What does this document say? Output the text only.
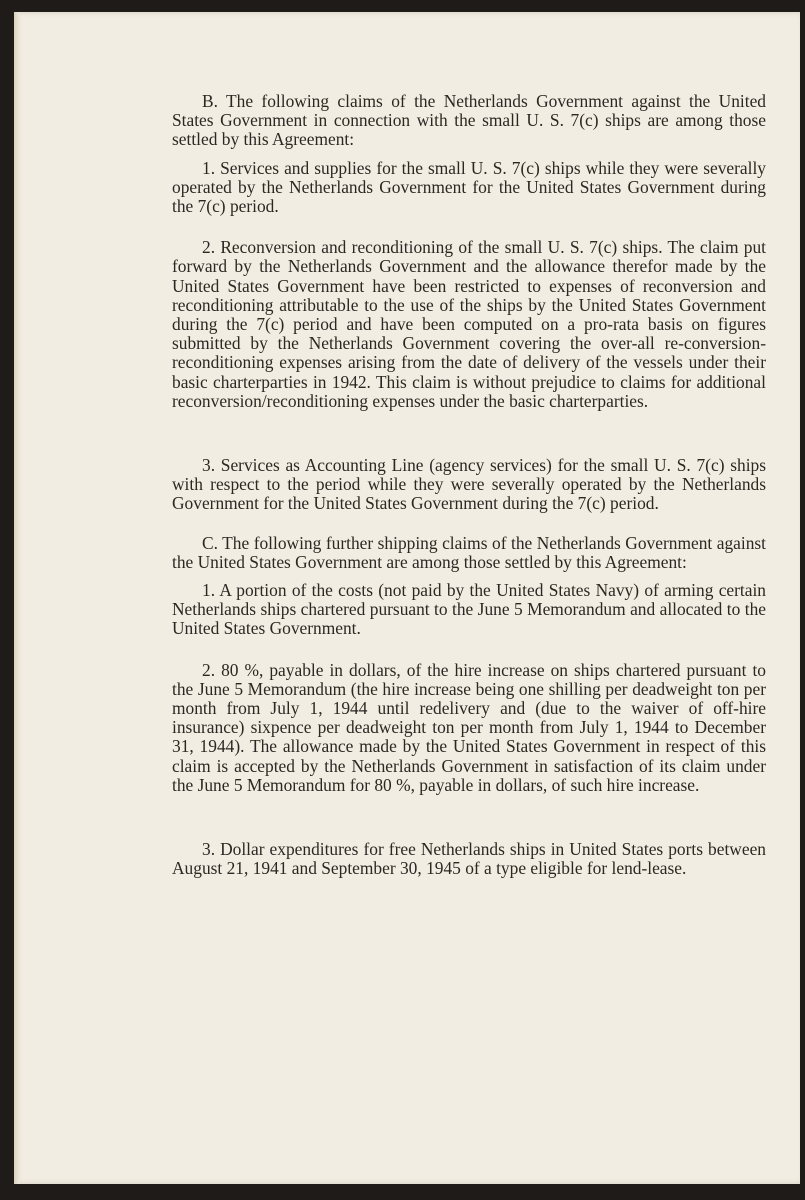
B. The following claims of the Netherlands Government against the United States Government in connection with the small U. S. 7(c) ships are among those settled by this Agreement:

1. Services and supplies for the small U. S. 7(c) ships while they were severally operated by the Netherlands Government for the United States Government during the 7(c) period.

2. Reconversion and reconditioning of the small U. S. 7(c) ships. The claim put forward by the Netherlands Government and the allowance therefor made by the United States Government have been restricted to expenses of reconversion and reconditioning attributable to the use of the ships by the United States Government during the 7(c) period and have been computed on a pro-rata basis on figures submitted by the Netherlands Government covering the over-all re-conversion-reconditioning expenses arising from the date of delivery of the vessels under their basic charterparties in 1942. This claim is without prejudice to claims for additional reconversion/reconditioning expenses under the basic charterparties.

3. Services as Accounting Line (agency services) for the small U. S. 7(c) ships with respect to the period while they were severally operated by the Netherlands Government for the United States Government during the 7(c) period.

C. The following further shipping claims of the Netherlands Government against the United States Government are among those settled by this Agreement:

1. A portion of the costs (not paid by the United States Navy) of arming certain Netherlands ships chartered pursuant to the June 5 Memorandum and allocated to the United States Government.

2. 80 %, payable in dollars, of the hire increase on ships chartered pursuant to the June 5 Memorandum (the hire increase being one shilling per deadweight ton per month from July 1, 1944 until redelivery and (due to the waiver of off-hire insurance) sixpence per deadweight ton per month from July 1, 1944 to December 31, 1944). The allowance made by the United States Government in respect of this claim is accepted by the Netherlands Government in satisfaction of its claim under the June 5 Memorandum for 80 %, payable in dollars, of such hire increase.

3. Dollar expenditures for free Netherlands ships in United States ports between August 21, 1941 and September 30, 1945 of a type eligible for lend-lease.
